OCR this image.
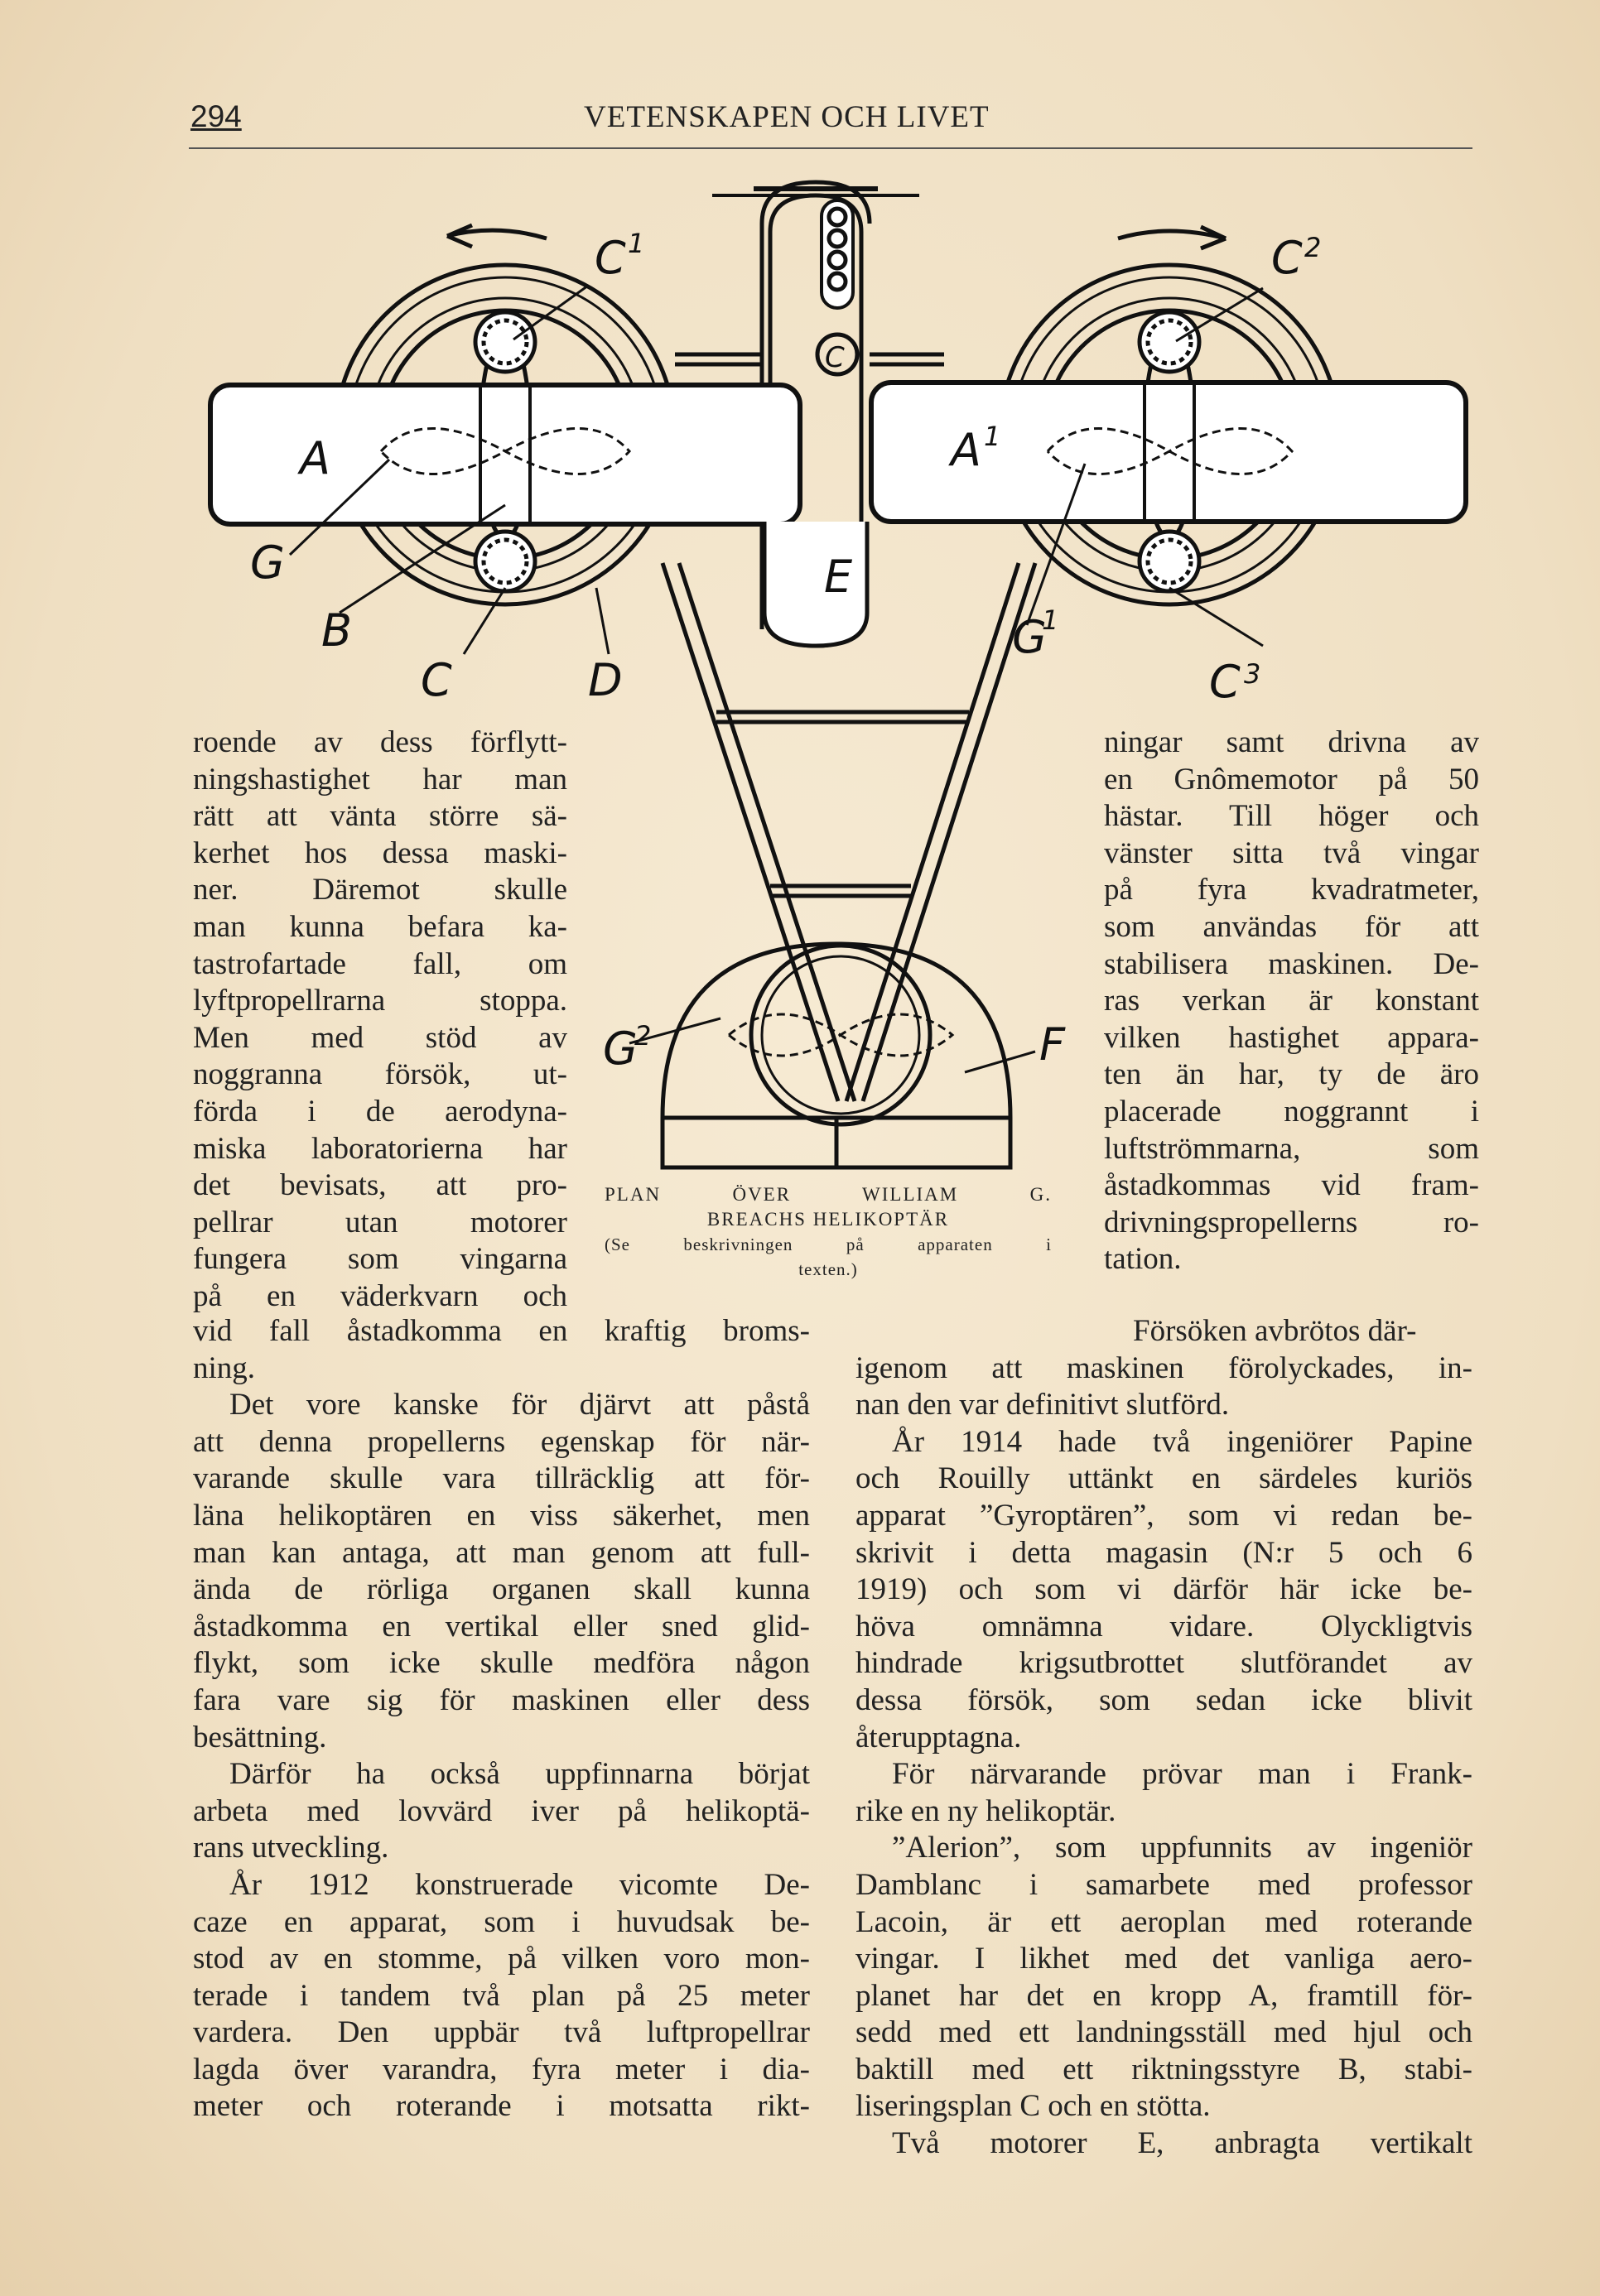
294	VETENSKAPEN OCH LIVET
C 1	C 2
A	A 1
C
E
G
B
C	D
G
1
C 3
G
2	F
PLAN ÖVER WILLIAM G.
BREACHS HELIKOPTÄR
(Se beskrivningen på apparaten i
texten.)
roende av dess förflytt-
ningshastighet har man
rätt att vänta större sä-
kerhet hos dessa maski-
ner. Däremot skulle
man kunna befara ka-
tastrofartade fall, om
lyftpropellrarna stoppa.
Men med stöd av
noggranna försök, ut-
förda i de aerodyna-
miska laboratorierna har
det bevisats, att pro-
pellrar utan motorer
fungera som vingarna
på en väderkvarn och
ningar samt drivna av
en Gnômemotor på 50
hästar. Till höger och
vänster sitta två vingar
på fyra kvadratmeter,
som användas för att
stabilisera maskinen. De-
ras verkan är konstant
vilken hastighet appara-
ten än har, ty de äro
placerade noggrannt i
luftströmmarna, som
åstadkommas vid fram-
drivningspropellerns ro-
tation.
vid fall åstadkomma en kraftig broms-
ning.
Det vore kanske för djärvt att påstå
att denna propellerns egenskap för när-
varande skulle vara tillräcklig att för-
läna helikoptären en viss säkerhet, men
man kan antaga, att man genom att full-
ända de rörliga organen skall kunna
åstadkomma en vertikal eller sned glid-
flykt, som icke skulle medföra någon
fara vare sig för maskinen eller dess
besättning.
Därför ha också uppfinnarna börjat
arbeta med lovvärd iver på helikoptä-
rans utveckling.
År 1912 konstruerade vicomte De-
caze en apparat, som i huvudsak be-
stod av en stomme, på vilken voro mon-
terade i tandem två plan på 25 meter
vardera. Den uppbär två luftpropellrar
lagda över varandra, fyra meter i dia-
meter och roterande i motsatta rikt-
Försöken avbrötos där-
igenom att maskinen förolyckades, in-
nan den var definitivt slutförd.
År 1914 hade två ingeniörer Papine
och Rouilly uttänkt en särdeles kuriös
apparat ”Gyroptären”, som vi redan be-
skrivit i detta magasin (N:r 5 och 6
1919) och som vi därför här icke be-
höva omnämna vidare. Olyckligtvis
hindrade krigsutbrottet slutförandet av
dessa försök, som sedan icke blivit
återupptagna.
För närvarande prövar man i Frank-
rike en ny helikoptär.
”Alerion”, som uppfunnits av ingeniör
Damblanc i samarbete med professor
Lacoin, är ett aeroplan med roterande
vingar. I likhet med det vanliga aero-
planet har det en kropp A, framtill för-
sedd med ett landningsställ med hjul och
baktill med ett riktningsstyre B, stabi-
liseringsplan C och en stötta.
Två motorer E, anbragta vertikalt
